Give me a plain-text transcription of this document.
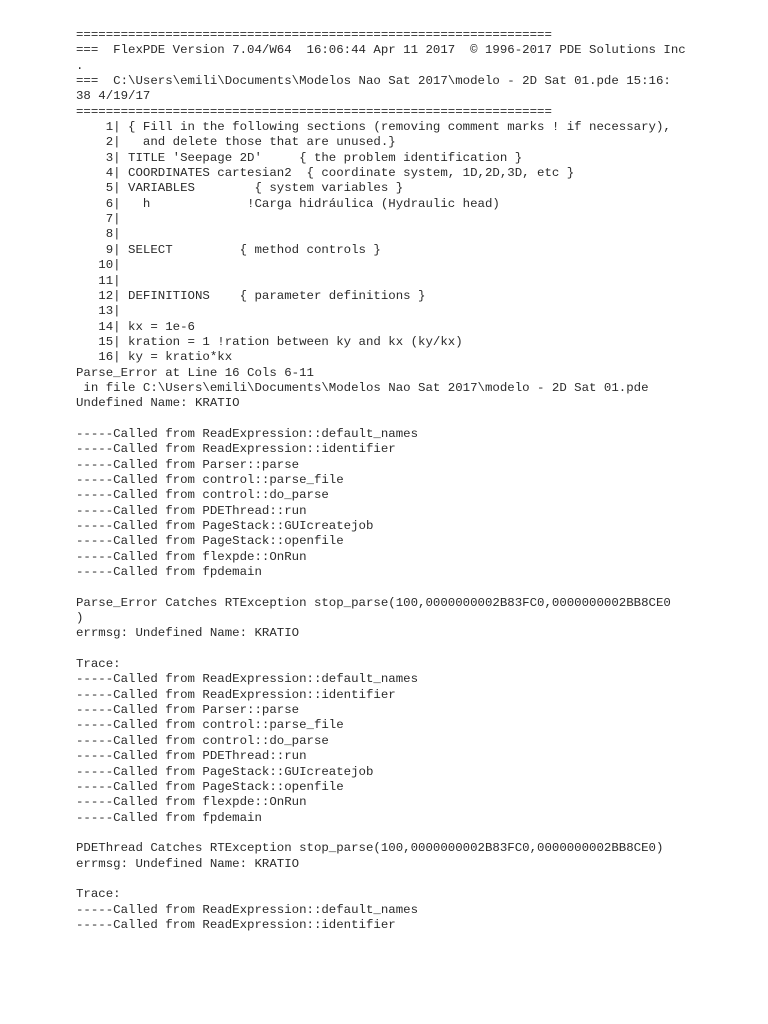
================================================================
===  FlexPDE Version 7.04/W64  16:06:44 Apr 11 2017  © 1996-2017 PDE Solutions Inc
.
===  C:\Users\emili\Documents\Modelos Nao Sat 2017\modelo - 2D Sat 01.pde 15:16:
38 4/19/17
================================================================
1| { Fill in the following sections (removing comment marks ! if necessary),
2|   and delete those that are unused.}
3| TITLE 'Seepage 2D'     { the problem identification }
4| COORDINATES cartesian2  { coordinate system, 1D,2D,3D, etc }
5| VARIABLES        { system variables }
6|   h             !Carga hidráulica (Hydraulic head)
7|
8|
9| SELECT         { method controls }
10|
11|
12| DEFINITIONS    { parameter definitions }
13|
14| kx = 1e-6
15| kration = 1 !ration between ky and kx (ky/kx)
16| ky = kratio*kx
Parse_Error at Line 16 Cols 6-11
in file C:\Users\emili\Documents\Modelos Nao Sat 2017\modelo - 2D Sat 01.pde
Undefined Name: KRATIO
-----Called from ReadExpression::default_names
-----Called from ReadExpression::identifier
-----Called from Parser::parse
-----Called from control::parse_file
-----Called from control::do_parse
-----Called from PDEThread::run
-----Called from PageStack::GUIcreatejob
-----Called from PageStack::openfile
-----Called from flexpde::OnRun
-----Called from fpdemain
Parse_Error Catches RTException stop_parse(100,0000000002B83FC0,0000000002BB8CE0
)
errmsg: Undefined Name: KRATIO
Trace:
-----Called from ReadExpression::default_names
-----Called from ReadExpression::identifier
-----Called from Parser::parse
-----Called from control::parse_file
-----Called from control::do_parse
-----Called from PDEThread::run
-----Called from PageStack::GUIcreatejob
-----Called from PageStack::openfile
-----Called from flexpde::OnRun
-----Called from fpdemain
PDEThread Catches RTException stop_parse(100,0000000002B83FC0,0000000002BB8CE0)
errmsg: Undefined Name: KRATIO
Trace:
-----Called from ReadExpression::default_names
-----Called from ReadExpression::identifier
